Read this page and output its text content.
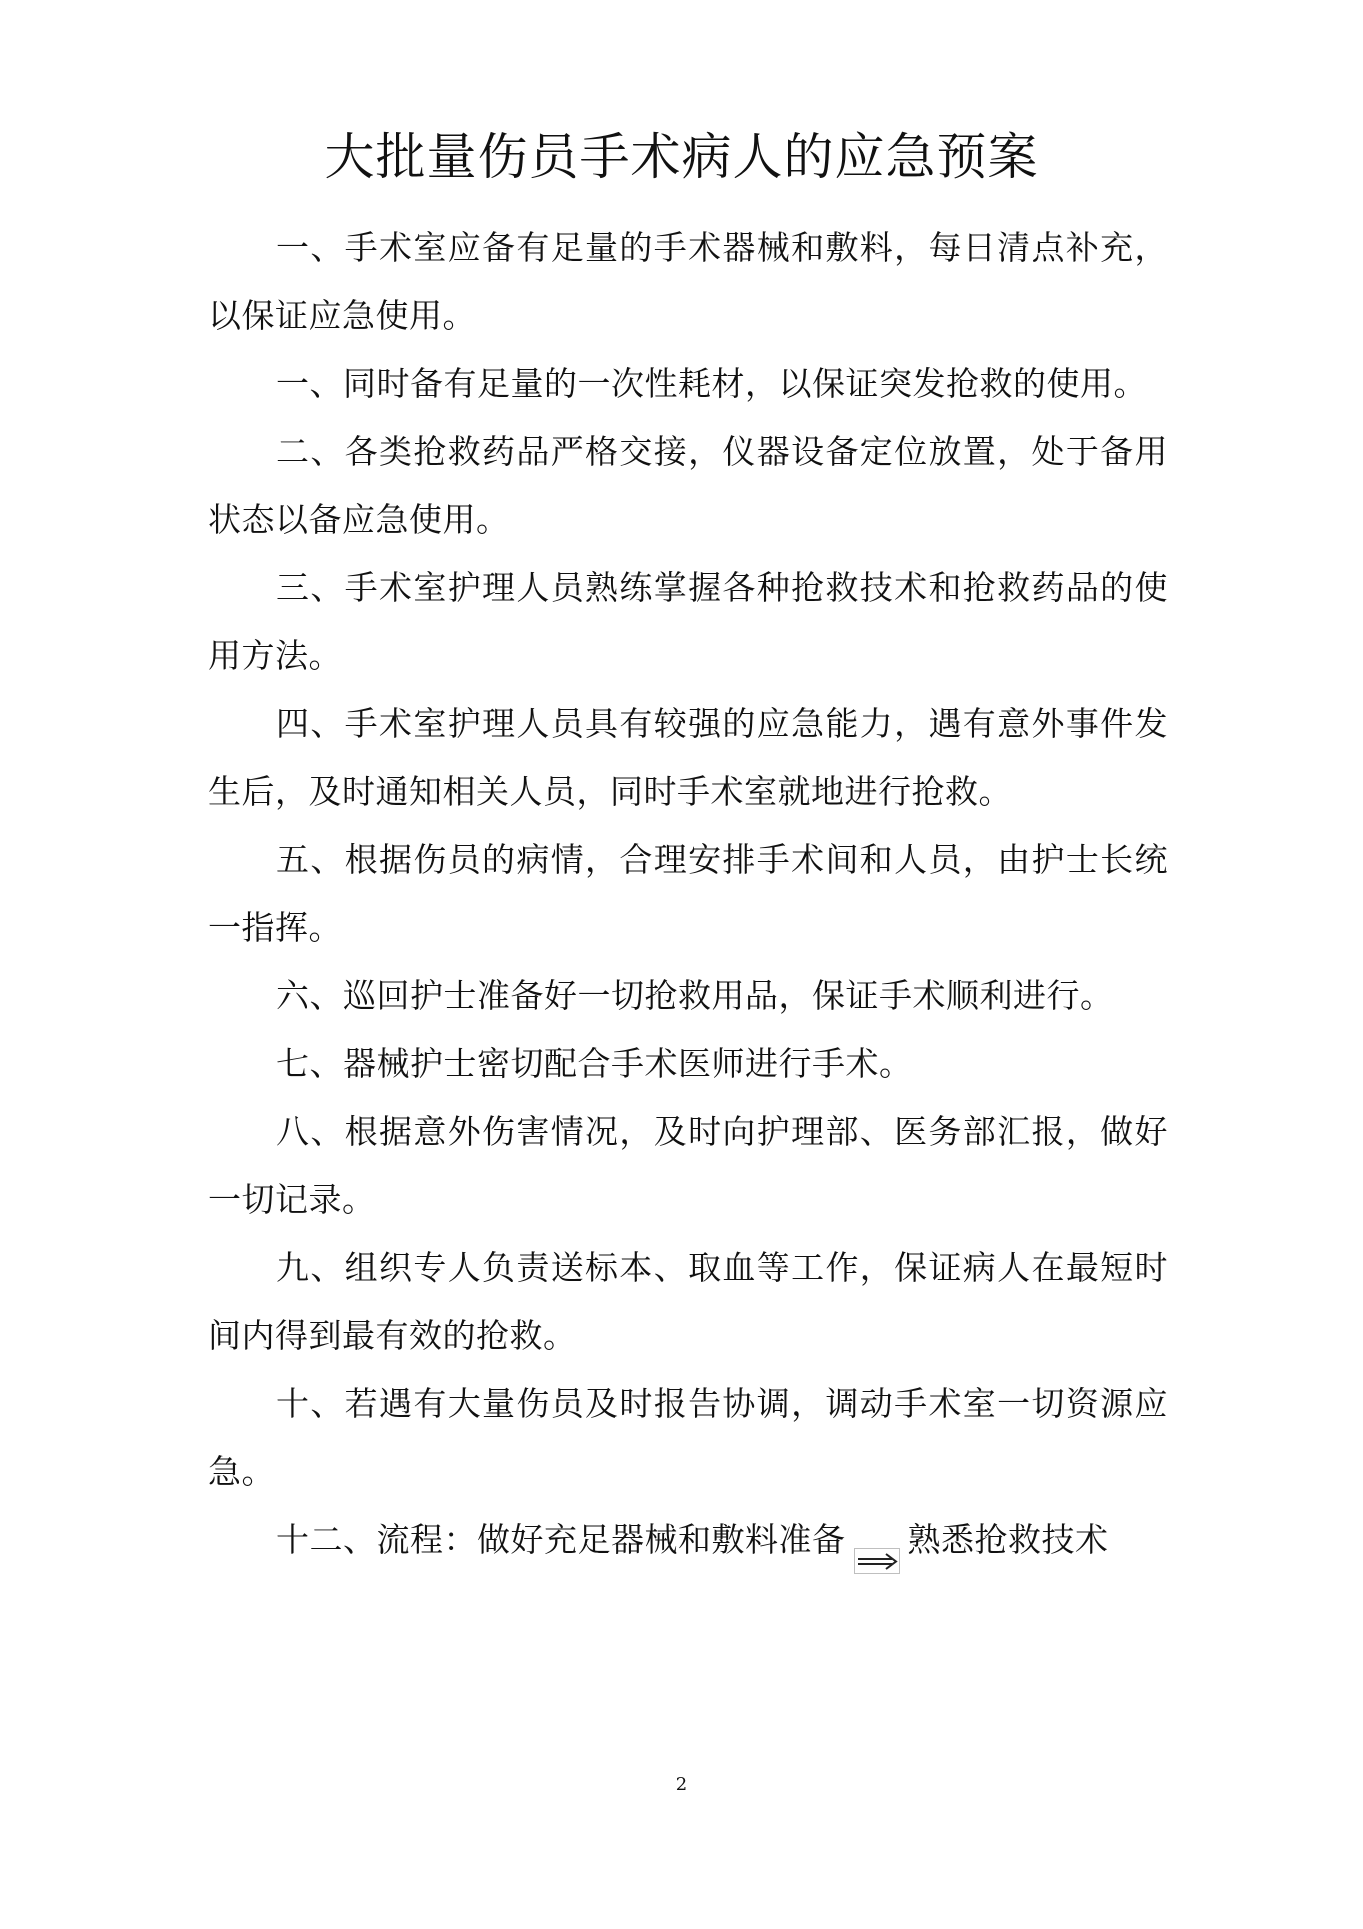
大批量伤员手术病人的应急预案

一、手术室应备有足量的手术器械和敷料，每日清点补充，以保证应急使用。

一、同时备有足量的一次性耗材，以保证突发抢救的使用。

二、各类抢救药品严格交接，仪器设备定位放置，处于备用状态以备应急使用。

三、手术室护理人员熟练掌握各种抢救技术和抢救药品的使用方法。

四、手术室护理人员具有较强的应急能力，遇有意外事件发生后，及时通知相关人员，同时手术室就地进行抢救。

五、根据伤员的病情，合理安排手术间和人员，由护士长统一指挥。

六、巡回护士准备好一切抢救用品，保证手术顺利进行。

七、器械护士密切配合手术医师进行手术。

八、根据意外伤害情况，及时向护理部、医务部汇报，做好一切记录。

九、组织专人负责送标本、取血等工作，保证病人在最短时间内得到最有效的抢救。

十、若遇有大量伤员及时报告协调，调动手术室一切资源应急。

十二、流程：做好充足器械和敷料准备 熟悉抢救技术

2
